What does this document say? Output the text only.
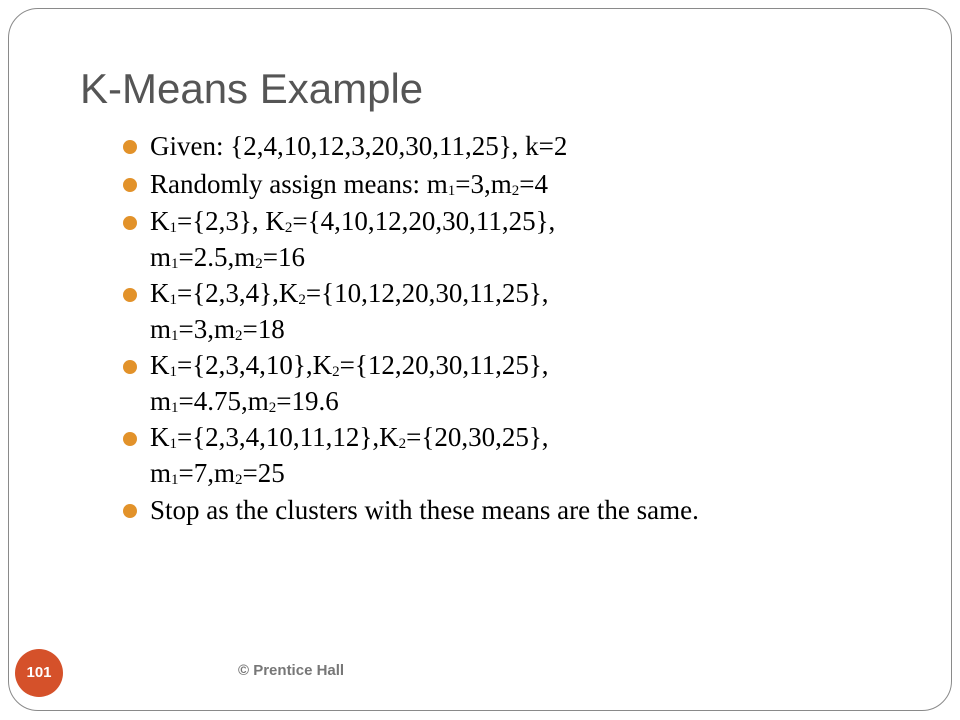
K-Means Example
Given: {2,4,10,12,3,20,30,11,25}, k=2
Randomly assign means: $m_1=3,m_2=4$
$K_1=\{2,3\}$, $K_2=\{4,10,12,20,30,11,25\}$,
$m_1=2.5,m_2=16$
$K_1=\{2,3,4\},K_2=\{10,12,20,30,11,25\}$,
$m_1=3,m_2=18$
$K_1=\{2,3,4,10\},K_2=\{12,20,30,11,25\}$,
$m_1=4.75,m_2=19.6$
$K_1=\{2,3,4,10,11,12\},K_2=\{20,30,25\}$,
$m_1=7,m_2=25$
Stop as the clusters with these means are the same.
101	© Prentice Hall
